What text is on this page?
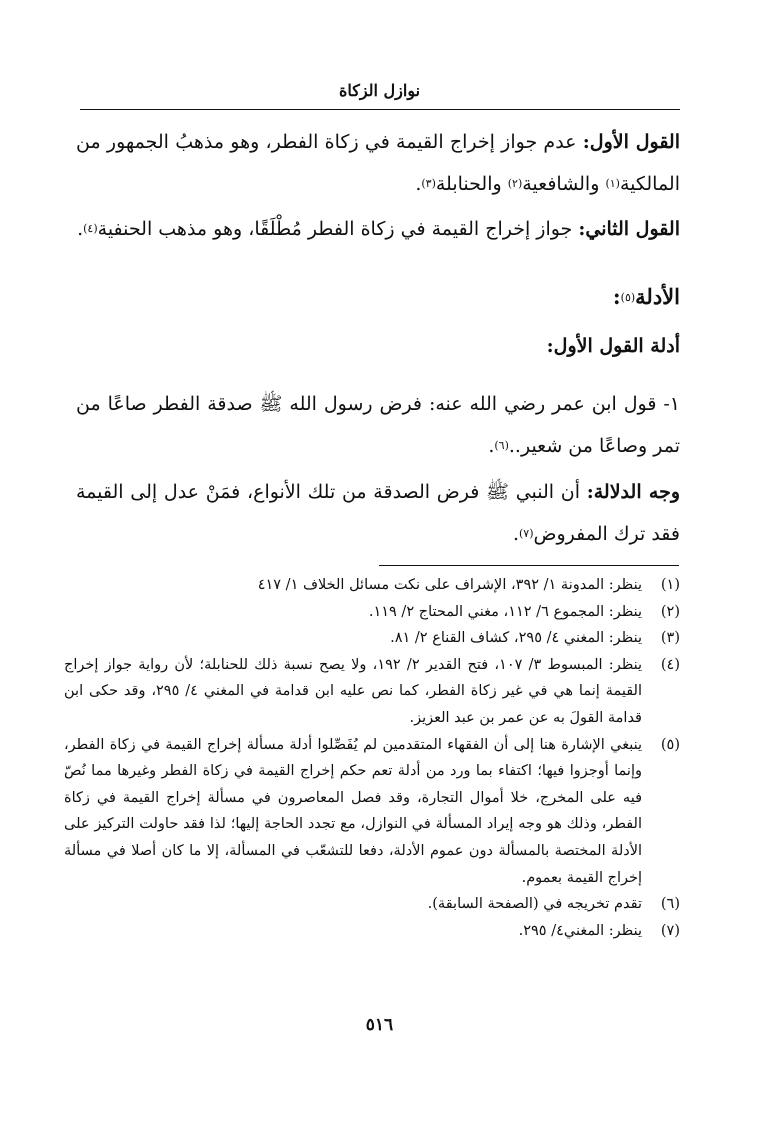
نوازل الزكاة

القول الأول: عدم جواز إخراج القيمة في زكاة الفطر، وهو مذهبُ الجمهور من المالكية$^{(١)}$ والشافعية$^{(٢)}$ والحنابلة$^{(٣)}$.

القول الثاني: جواز إخراج القيمة في زكاة الفطر مُطْلَقًا، وهو مذهب الحنفية$^{(٤)}$.

الأدلة$^{(٥)}$:

أدلة القول الأول:

١- قول ابن عمر رضي الله عنه: فرض رسول الله ﷺ صدقة الفطر صاعًا من تمر وصاعًا من شعير..$^{(٦)}$.

وجه الدلالة: أن النبي ﷺ فرض الصدقة من تلك الأنواع، فمَنْ عدل إلى القيمة فقد ترك المفروض$^{(٧)}$.

(١)
ينظر: المدونة ١/ ٣٩٢، الإشراف على نكت مسائل الخلاف ١/ ٤١٧
(٢)
ينظر: المجموع ٦/ ١١٢، مغني المحتاج ٢/ ١١٩.
(٣)
ينظر: المغني ٤/ ٢٩٥، كشاف القناع ٢/ ٨١.
(٤)
ينظر: المبسوط ٣/ ١٠٧، فتح القدير ٢/ ١٩٢، ولا يصح نسبة ذلك للحنابلة؛ لأن رواية جواز إخراج القيمة إنما هي في غير زكاة الفطر، كما نص عليه ابن قدامة في المغني ٤/ ٢٩٥، وقد حكى ابن قدامة القولَ به عن عمر بن عبد العزيز.
(٥)
ينبغي الإشارة هنا إلى أن الفقهاء المتقدمين لم يُفَصِّلوا أدلة مسألة إخراج القيمة في زكاة الفطر، وإنما أوجزوا فيها؛ اكتفاء بما ورد من أدلة تعم حكم إخراج القيمة في زكاة الفطر وغيرها مما نُصّ فيه على المخرج، خلا أموال التجارة، وقد فصل المعاصرون في مسألة إخراج القيمة في زكاة الفطر، وذلك هو وجه إيراد المسألة في النوازل، مع تجدد الحاجة إليها؛ لذا فقد حاولت التركيز على الأدلة المختصة بالمسألة دون عموم الأدلة، دفعا للتشعّب في المسألة، إلا ما كان أصلا في مسألة إخراج القيمة بعموم.
(٦)
تقدم تخريجه في (الصفحة السابقة).
(٧)
ينظر: المغني٤/ ٢٩٥.
٥١٦
